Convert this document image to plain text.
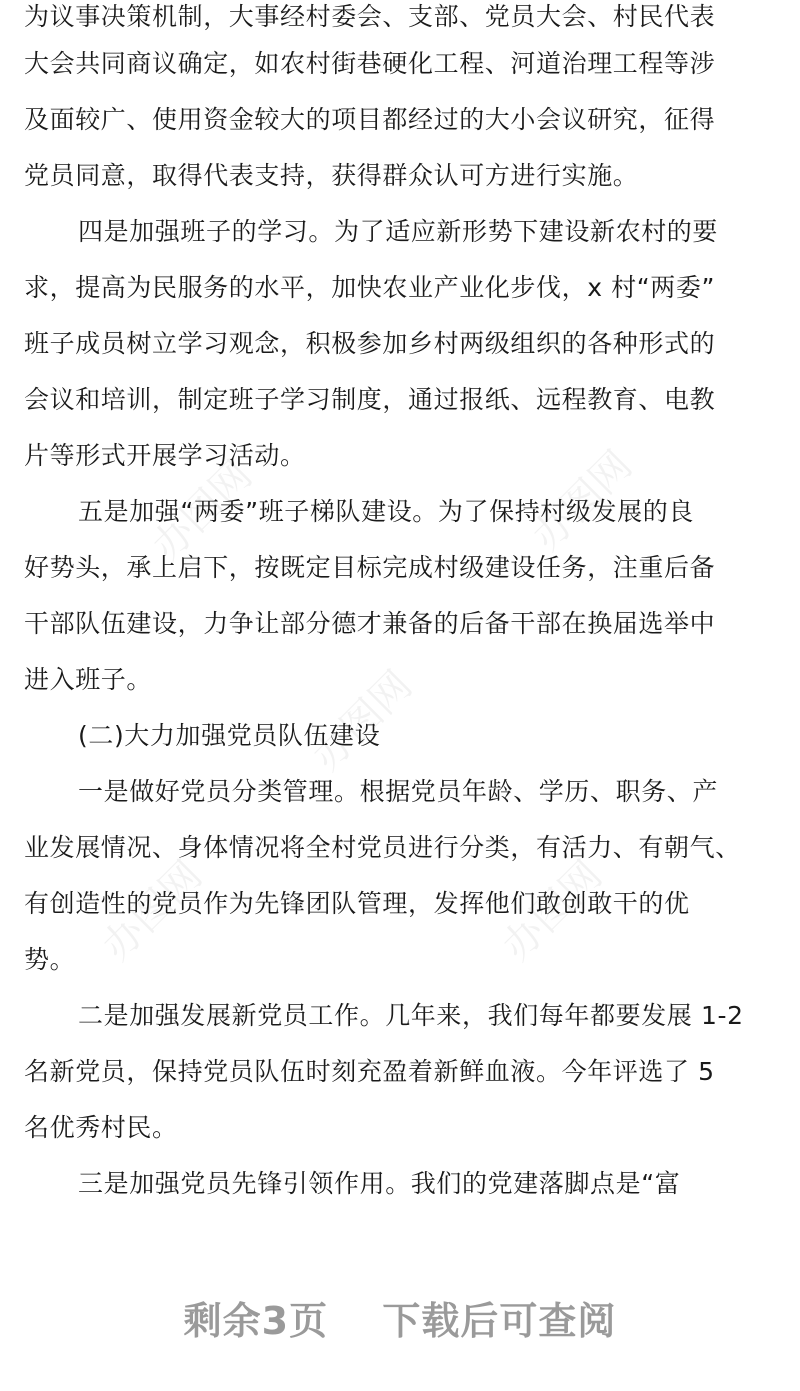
办图网	办图网
办图网
办图网	办图网
为议事决策机制，大事经村委会、支部、党员大会、村民代表
大会共同商议确定，如农村街巷硬化工程、河道治理工程等涉
及面较广、使用资金较大的项目都经过的大小会议研究，征得
党员同意，取得代表支持，获得群众认可方进行实施。
四是加强班子的学习。为了适应新形势下建设新农村的要
求，提高为民服务的水平，加快农业产业化步伐，x 村“两委”
班子成员树立学习观念，积极参加乡村两级组织的各种形式的
会议和培训，制定班子学习制度，通过报纸、远程教育、电教
片等形式开展学习活动。
五是加强“两委”班子梯队建设。为了保持村级发展的良
好势头，承上启下，按既定目标完成村级建设任务，注重后备
干部队伍建设，力争让部分德才兼备的后备干部在换届选举中
进入班子。
(二)大力加强党员队伍建设
一是做好党员分类管理。根据党员年龄、学历、职务、产
业发展情况、身体情况将全村党员进行分类，有活力、有朝气、
有创造性的党员作为先锋团队管理，发挥他们敢创敢干的优
势。
二是加强发展新党员工作。几年来，我们每年都要发展 1-2
名新党员，保持党员队伍时刻充盈着新鲜血液。今年评选了 5
名优秀村民。
三是加强党员先锋引领作用。我们的党建落脚点是“富
剩余3页 下载后可查阅
